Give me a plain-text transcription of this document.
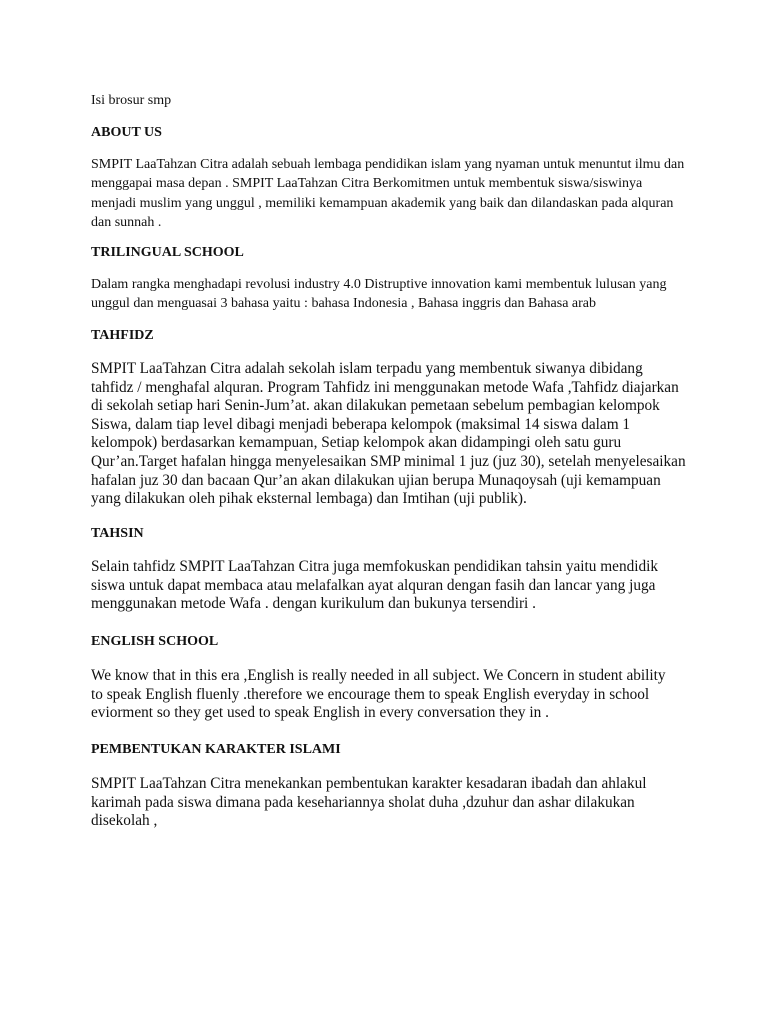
Isi brosur smp
ABOUT US
SMPIT LaaTahzan Citra adalah sebuah lembaga pendidikan islam yang nyaman untuk menuntut ilmu dan
menggapai masa depan . SMPIT LaaTahzan Citra Berkomitmen untuk membentuk siswa/siswinya
menjadi muslim yang unggul , memiliki kemampuan akademik yang baik dan dilandaskan pada alquran
dan sunnah .
TRILINGUAL SCHOOL
Dalam rangka menghadapi revolusi industry 4.0 Distruptive innovation kami membentuk lulusan yang
unggul dan menguasai 3 bahasa yaitu : bahasa Indonesia , Bahasa inggris dan Bahasa arab
TAHFIDZ
SMPIT LaaTahzan Citra adalah sekolah islam terpadu yang membentuk siwanya dibidang
tahfidz / menghafal alquran. Program Tahfidz ini menggunakan metode Wafa ,Tahfidz diajarkan
di sekolah setiap hari Senin-Jum’at. akan dilakukan pemetaan sebelum pembagian kelompok
Siswa, dalam tiap level dibagi menjadi beberapa kelompok (maksimal 14 siswa dalam 1
kelompok) berdasarkan kemampuan, Setiap kelompok akan didampingi oleh satu guru
Qur’an.Target hafalan hingga menyelesaikan SMP minimal 1 juz (juz 30), setelah menyelesaikan
hafalan juz 30 dan bacaan Qur’an akan dilakukan ujian berupa Munaqoysah (uji kemampuan
yang dilakukan oleh pihak eksternal lembaga) dan Imtihan (uji publik).
TAHSIN
Selain tahfidz SMPIT LaaTahzan Citra juga memfokuskan pendidikan tahsin yaitu mendidik
siswa untuk dapat membaca atau melafalkan ayat alquran dengan fasih dan lancar yang juga
menggunakan metode Wafa . dengan kurikulum dan bukunya tersendiri .
ENGLISH SCHOOL
We know that in this era ,English is really needed in all subject. We Concern in student ability
to speak English fluenly .therefore we encourage them to speak English everyday in school
eviorment so they get used to speak English in every conversation they in .
PEMBENTUKAN KARAKTER ISLAMI
SMPIT LaaTahzan Citra menekankan pembentukan karakter kesadaran ibadah dan ahlakul
karimah pada siswa dimana pada kesehariannya sholat duha ,dzuhur dan ashar dilakukan
disekolah ,
